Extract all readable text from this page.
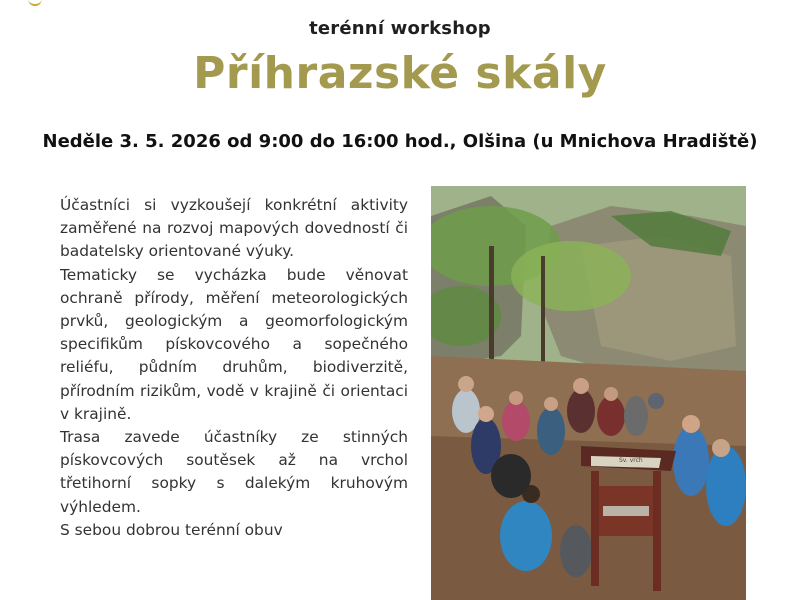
terénní workshop
Příhrazské skály
Neděle 3. 5. 2026 od 9:00 do 16:00 hod., Olšina (u Mnichova Hradiště)

Účastníci si vyzkoušejí konkrétní aktivity zaměřené na rozvoj mapových dovedností či badatelsky orientované výuky.

Tematicky se vycházka bude věnovat ochraně přírody, měření meteorologických prvků, geologickým a geomorfologickým specifikům pískovcového a sopečného reliéfu, půdním druhům, biodiverzitě, přírodním rizikům, vodě v krajině či orientaci v krajině.

Trasa zavede účastníky ze stinných pískovcových soutěsek až na vrchol třetihorní sopky s dalekým kruhovým výhledem.

S sebou dobrou terénní obuv

Sv. vrch
